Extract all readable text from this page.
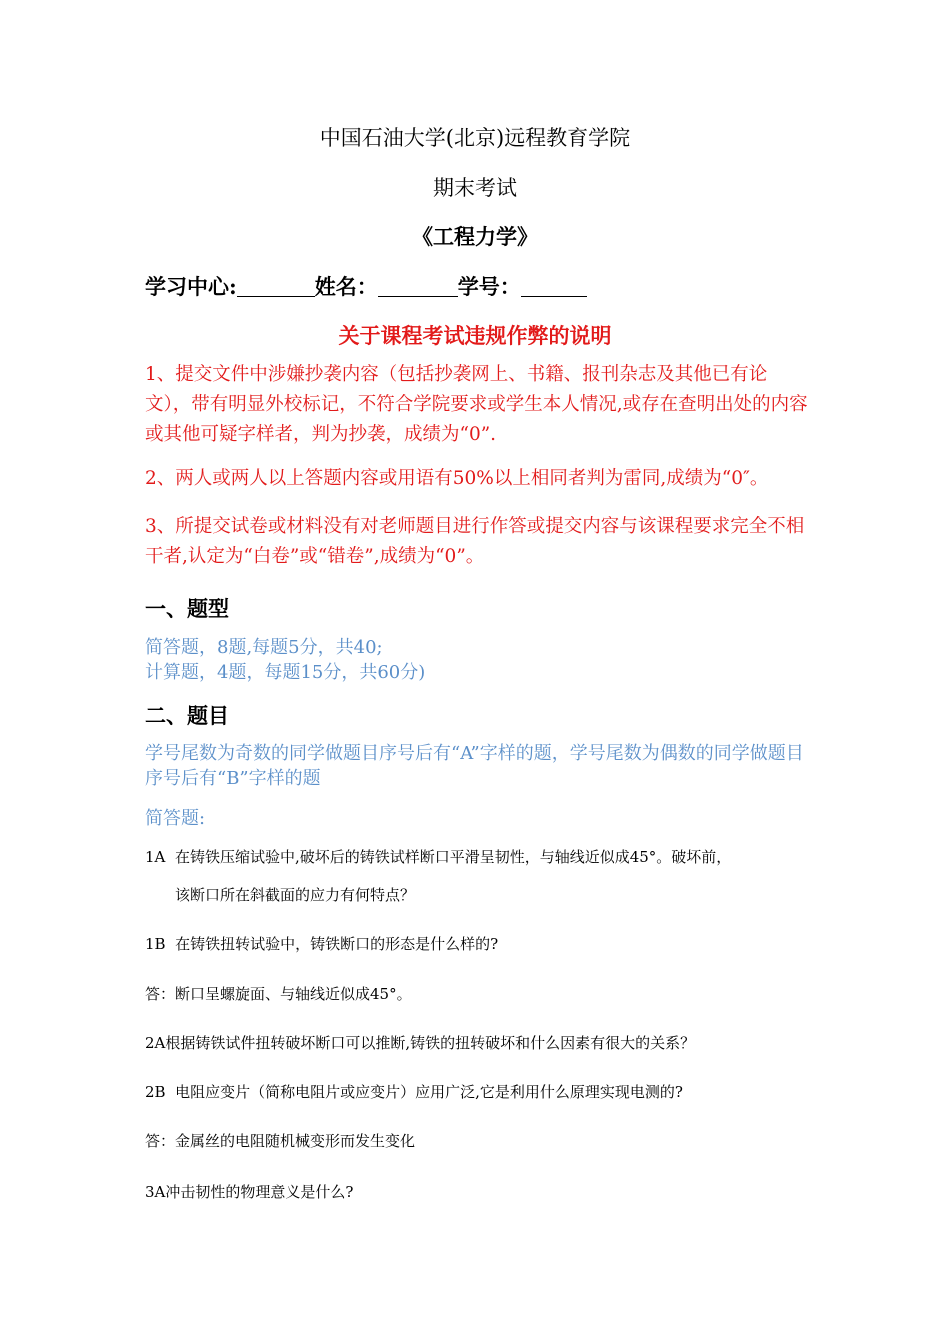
中国石油大学(北京)远程教育学院
期末考试
《工程力学》
学习中心:	姓名：	学号：
关于课程考试违规作弊的说明
1、提交文件中涉嫌抄袭内容（包括抄袭网上、书籍、报刊杂志及其他已有论文），带有明显外校标记，不符合学院要求或学生本人情况,或存在查明出处的内容或其他可疑字样者，判为抄袭，成绩为“0”.
2、两人或两人以上答题内容或用语有50%以上相同者判为雷同,成绩为“0″。
3、所提交试卷或材料没有对老师题目进行作答或提交内容与该课程要求完全不相干者,认定为“白卷”或“错卷”,成绩为“0”。
一、题型
简答题，8题,每题5分，共40;
计算题，4题，每题15分，共60分)
二、题目
学号尾数为奇数的同学做题目序号后有“A”字样的题，学号尾数为偶数的同学做题目序号后有“B”字样的题
简答题:
1A 在铸铁压缩试验中,破坏后的铸铁试样断口平滑呈韧性，与轴线近似成45°。破坏前，
该断口所在斜截面的应力有何特点？
1B 在铸铁扭转试验中，铸铁断口的形态是什么样的?
答：断口呈螺旋面、与轴线近似成45°。
2A根据铸铁试件扭转破坏断口可以推断,铸铁的扭转破坏和什么因素有很大的关系？
2B 电阻应变片（简称电阻片或应变片）应用广泛,它是利用什么原理实现电测的?
答：金属丝的电阻随机械变形而发生变化
3A冲击韧性的物理意义是什么?
